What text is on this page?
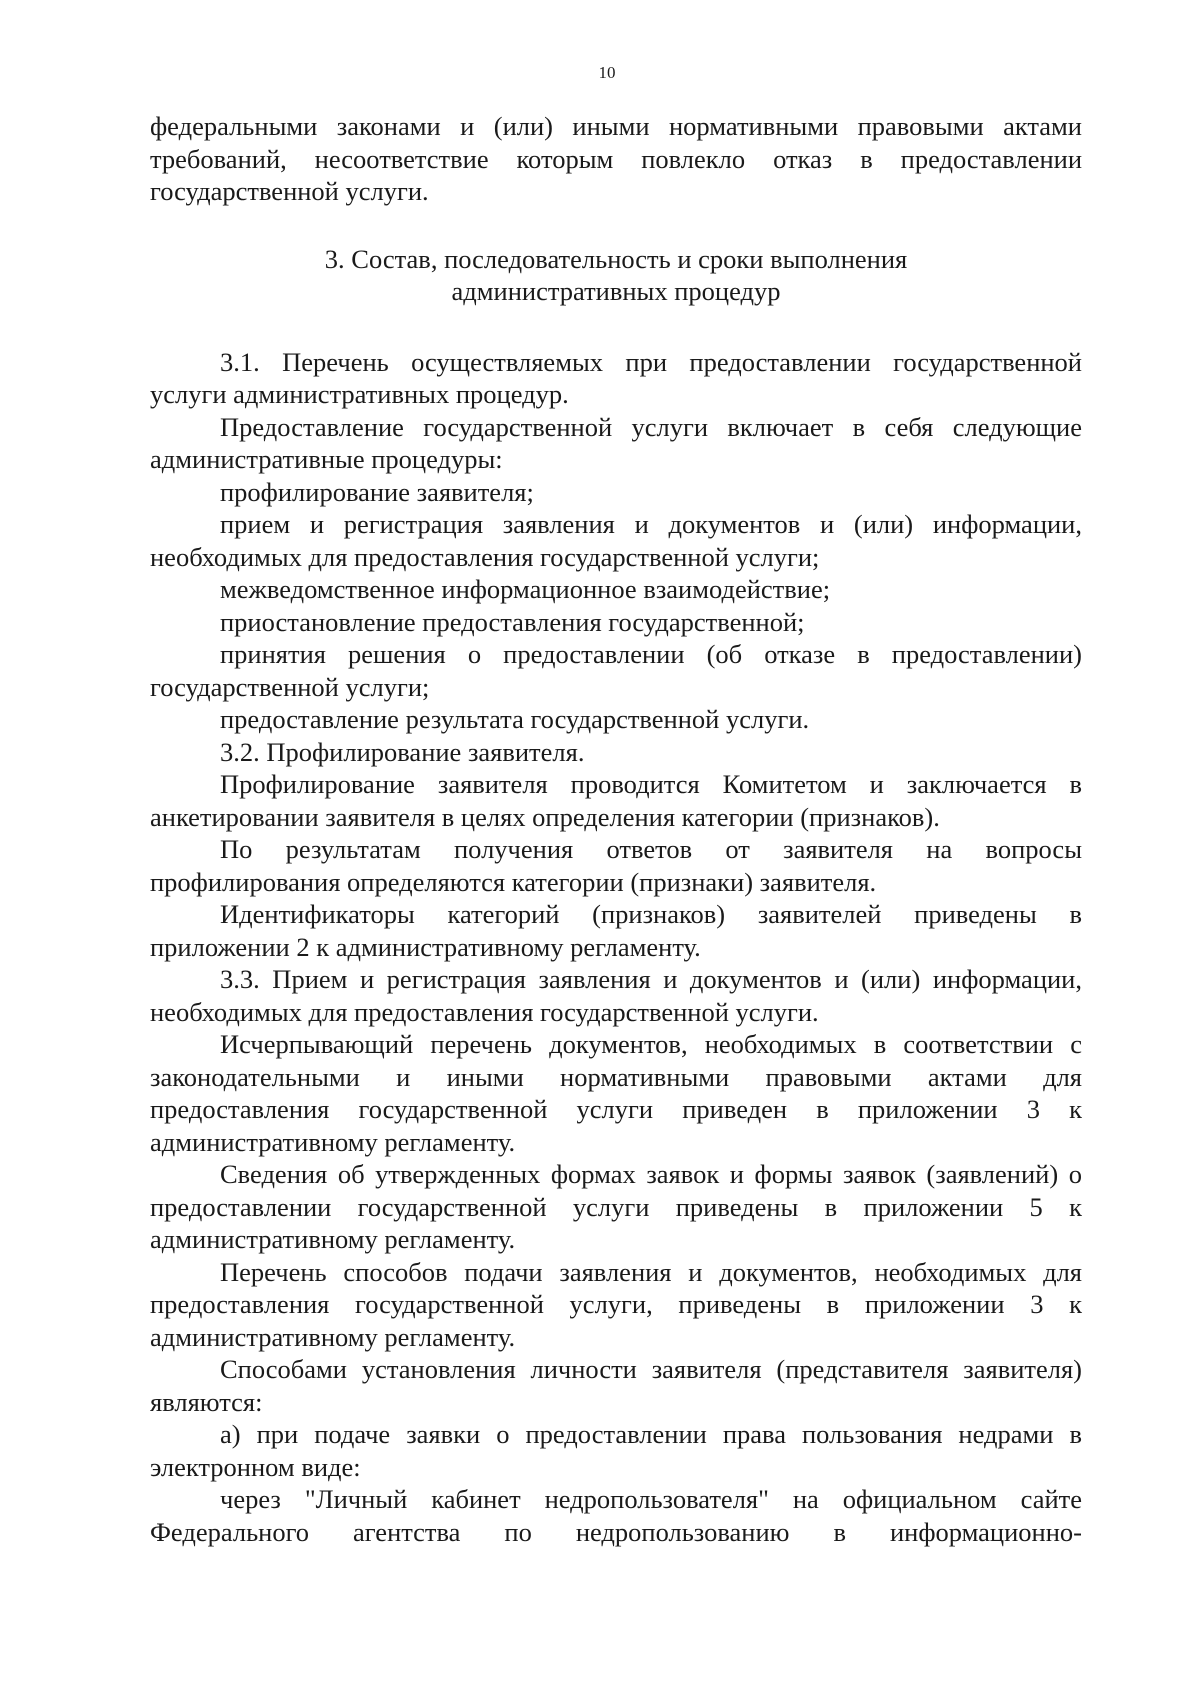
10

федеральными законами и (или) иными нормативными правовыми актами

требований, несоответствие которым повлекло отказ в предоставлении государственной услуги.

3. Состав, последовательность и сроки выполнения
административных процедур

3.1. Перечень осуществляемых при предоставлении государственной услуги административных процедур.

Предоставление государственной услуги включает в себя следующие административные процедуры:

профилирование заявителя;

прием и регистрация заявления и документов и (или) информации, необходимых для предоставления государственной услуги;

межведомственное информационное взаимодействие;

приостановление предоставления государственной;

принятия решения о предоставлении (об отказе в предоставлении) государственной услуги;

предоставление результата государственной услуги.

3.2. Профилирование заявителя.

Профилирование заявителя проводится Комитетом и заключается в анкетировании заявителя в целях определения категории (признаков).

По результатам получения ответов от заявителя на вопросы профилирования определяются категории (признаки) заявителя.

Идентификаторы категорий (признаков) заявителей приведены в приложении 2 к административному регламенту.

3.3. Прием и регистрация заявления и документов и (или) информации, необходимых для предоставления государственной услуги.

Исчерпывающий перечень документов, необходимых в соответствии с законодательными и иными нормативными правовыми актами для предоставления государственной услуги приведен в приложении 3 к административному регламенту.

Сведения об утвержденных формах заявок и формы заявок (заявлений) о предоставлении государственной услуги приведены в приложении 5 к административному регламенту.

Перечень способов подачи заявления и документов, необходимых для предоставления государственной услуги, приведены в приложении 3 к административному регламенту.

Способами установления личности заявителя (представителя заявителя) являются:

а) при подаче заявки о предоставлении права пользования недрами в электронном виде:

через "Личный кабинет недропользователя" на официальном сайте Федерального агентства по недропользованию в информационно-
